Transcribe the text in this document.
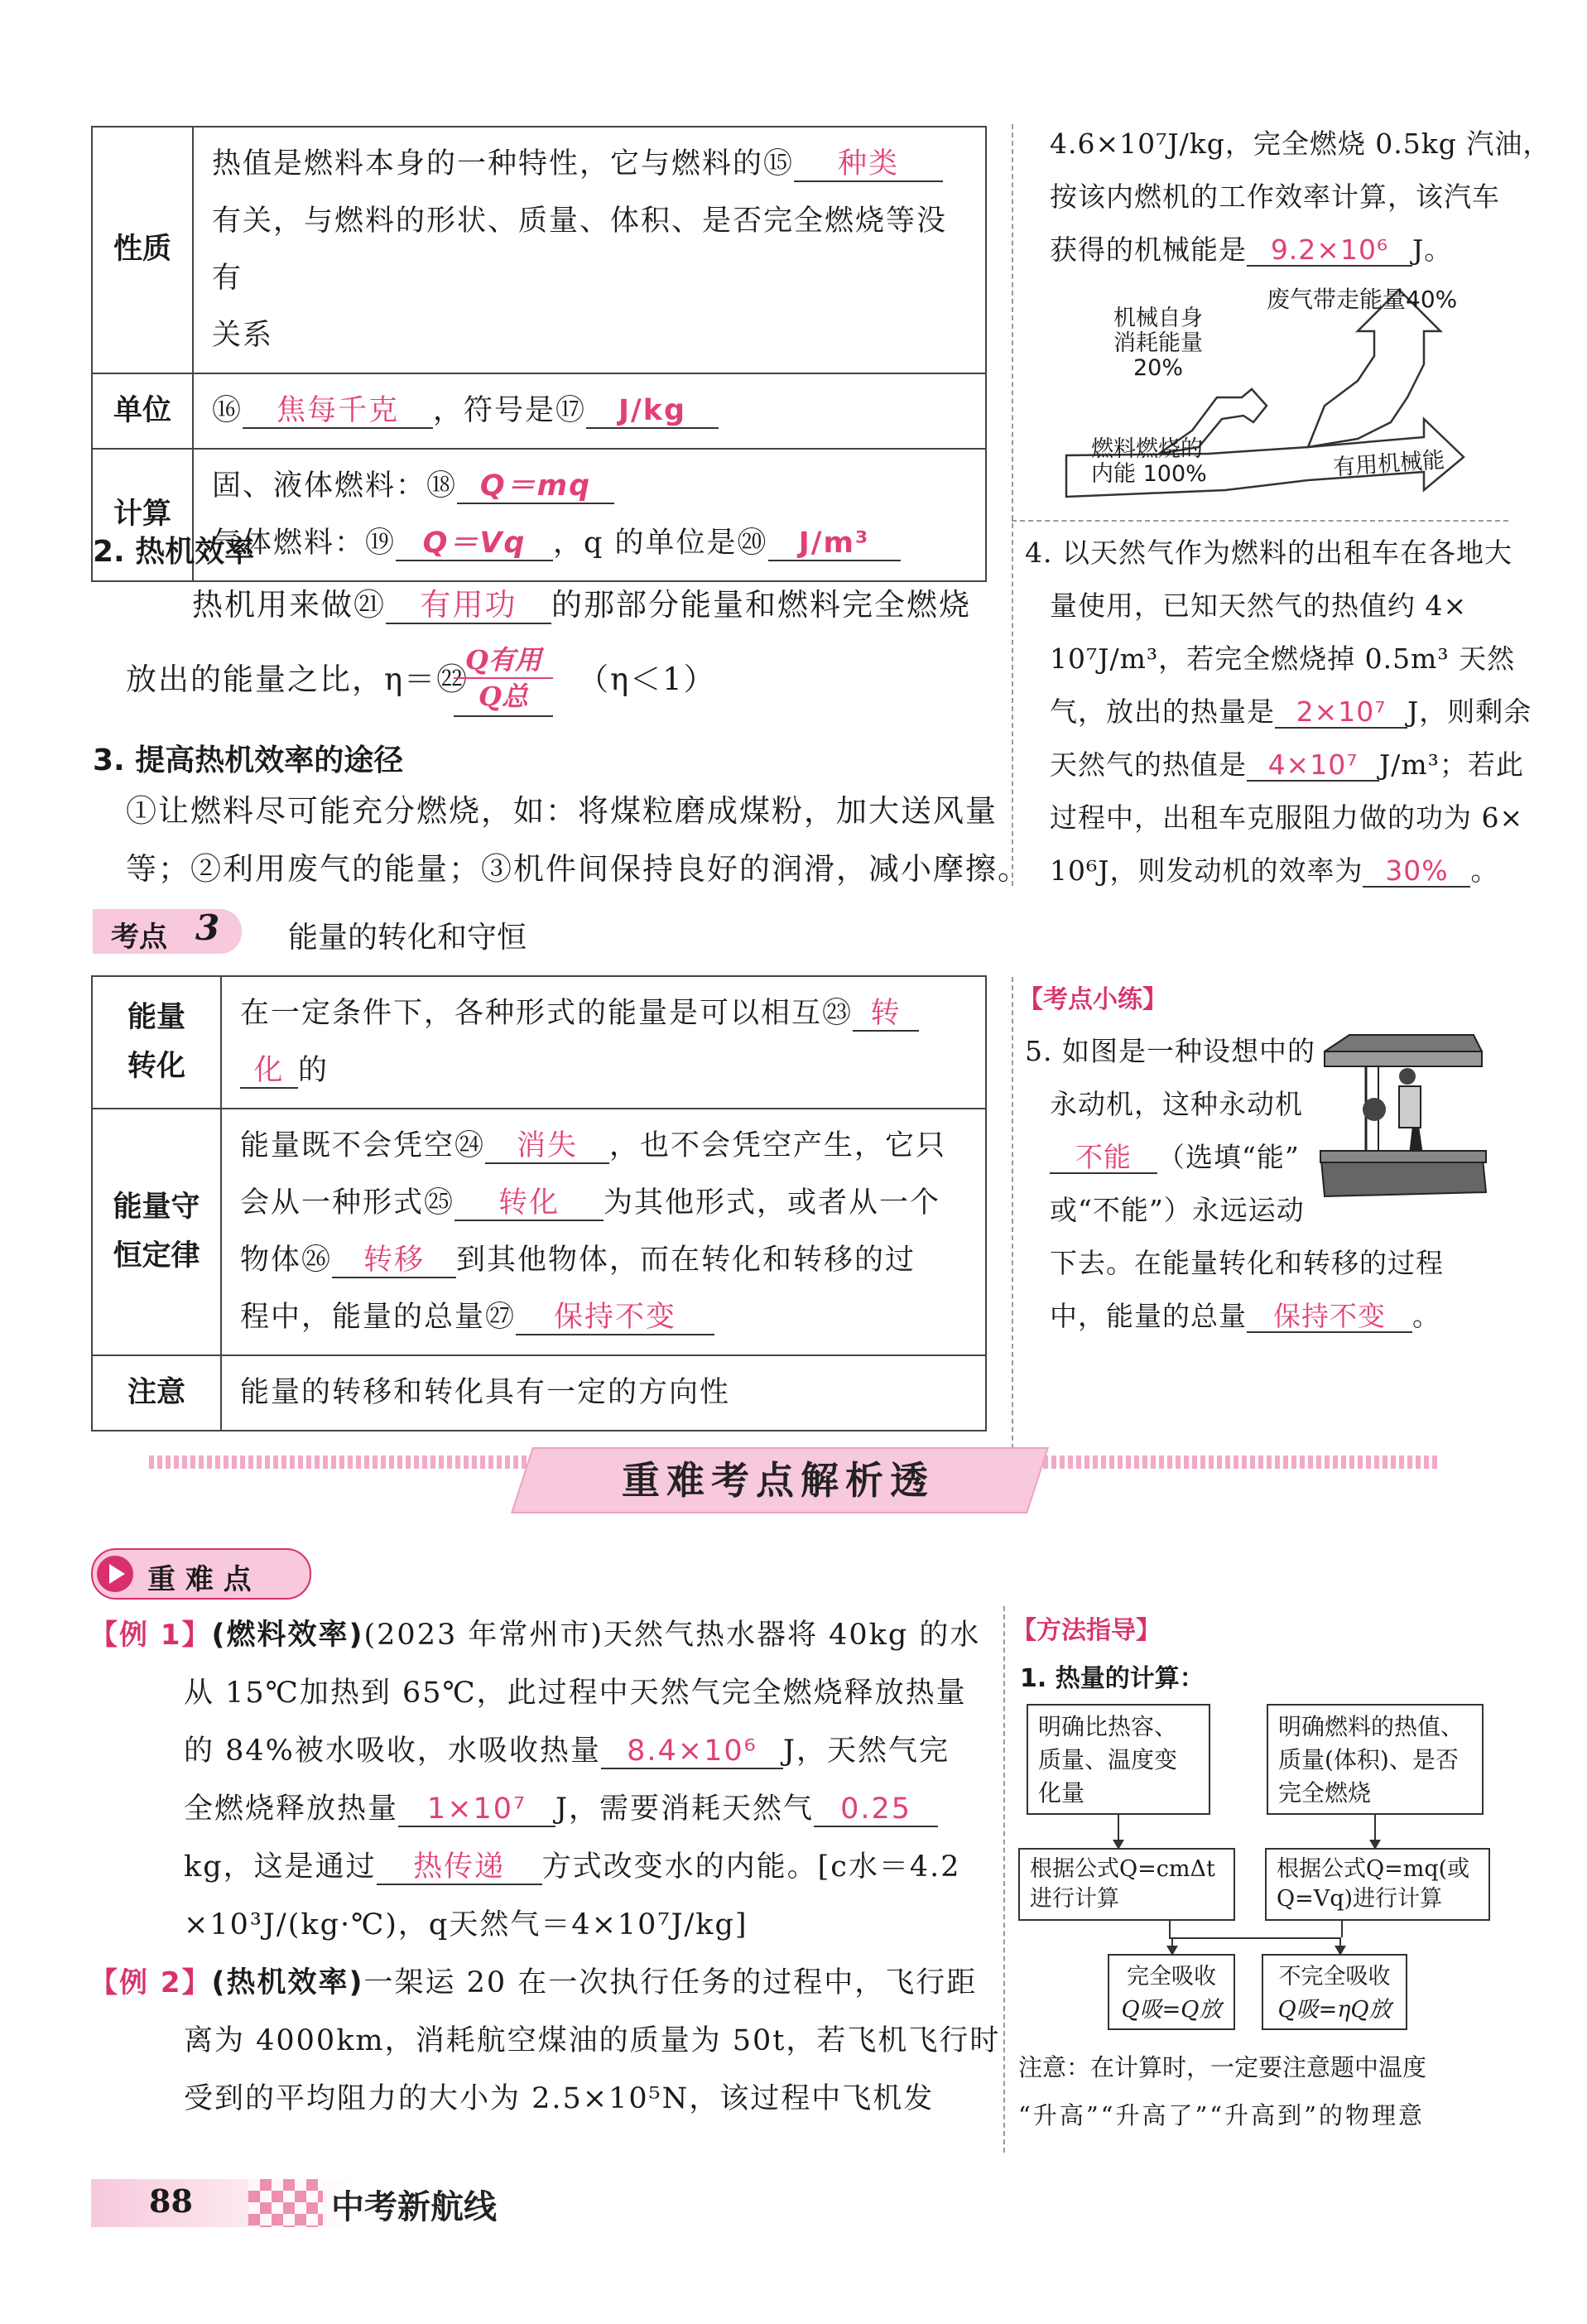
性质	热值是燃料本身的一种特性，它与燃料的⑮ 种类
有关，与燃料的形状、质量、体积、是否完全燃烧等没有
关系
单位	⑯ 焦每千克 ，符号是⑰ J/kg
计算	固、液体燃料：⑱ Q＝mq
气体燃料：⑲ Q＝Vq ，q 的单位是⑳ J/m³
2. 热机效率
热机用来做㉑ 有用功 的那部分能量和燃料完全燃烧
放出的能量之比，η＝㉒
Q有用
Q总	（η＜1）
3. 提高热机效率的途径
①让燃料尽可能充分燃烧，如：将煤粒磨成煤粉，加大送风量
等；②利用废气的能量；③机件间保持良好的润滑，减小摩擦。
考点 3 能量的转化和守恒
能量
转化	在一定条件下，各种形式的能量是可以相互㉓ 转
化 的
能量守
恒定律	能量既不会凭空㉔ 消失 ，也不会凭空产生，它只
会从一种形式㉕ 转化 为其他形式，或者从一个
物体㉖ 转移 到其他物体，而在转化和转移的过
程中，能量的总量㉗ 保持不变
注意	能量的转移和转化具有一定的方向性
4.6×10⁷J/kg，完全燃烧 0.5kg 汽油，
按该内燃机的工作效率计算，该汽车
获得的机械能是 9.2×10⁶ J。
废气带走能量40%
机械自身
消耗能量
20%
燃料燃烧的
内能 100%	有用机械能
4. 以天然气作为燃料的出租车在各地大
量使用，已知天然气的热值约 4×
10⁷J/m³，若完全燃烧掉 0.5m³ 天然
气，放出的热量是 2×10⁷ J，则剩余
天然气的热值是 4×10⁷ J/m³；若此
过程中，出租车克服阻力做的功为 6×
10⁶J，则发动机的效率为 30% 。
【考点小练】
5. 如图是一种设想中的
永动机，这种永动机
不能 （选填“能”
或“不能”）永远运动
下去。在能量转化和转移的过程
中，能量的总量 保持不变 。
重难考点解析透
重 难 点
【例 1】(燃料效率)(2023 年常州市)天然气热水器将 40kg 的水
从 15℃加热到 65℃，此过程中天然气完全燃烧释放热量
的 84%被水吸收，水吸收热量 8.4×10⁶ J，天然气完
全燃烧释放热量 1×10⁷ J，需要消耗天然气 0.25
kg，这是通过 热传递 方式改变水的内能。[c水＝4.2
×10³J/(kg·℃)，q天然气＝4×10⁷J/kg]
【例 2】(热机效率)一架运 20 在一次执行任务的过程中，飞行距
离为 4000km，消耗航空煤油的质量为 50t，若飞机飞行时
受到的平均阻力的大小为 2.5×10⁵N，该过程中飞机发
【方法指导】
1. 热量的计算：
明确比热容、质量、温度变化量
明确燃料的热值、质量(体积)、是否完全燃烧
根据公式Q=cmΔt进行计算
根据公式Q=mq(或Q=Vq)进行计算
完全吸收
Q吸=Q放
不完全吸收
Q吸=ηQ放
注意：在计算时，一定要注意题中温度
“升高”“升高了”“升高到”的物理意
88	中考新航线
